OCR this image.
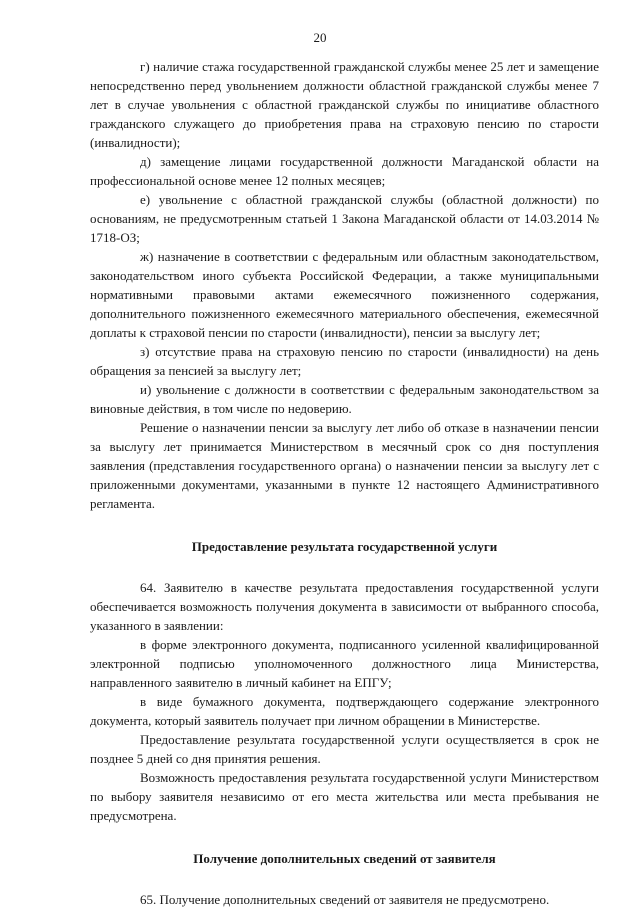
20

г) наличие стажа государственной гражданской службы менее 25 лет и замещение непосредственно перед увольнением должности областной гражданской службы менее 7 лет в случае увольнения с областной гражданской службы по инициативе областного гражданского служащего до приобретения права на страховую пенсию по старости (инвалидности);

д) замещение лицами государственной должности Магаданской области на профессиональной основе менее 12 полных месяцев;

е) увольнение с областной гражданской службы (областной должности) по основаниям, не предусмотренным статьей 1 Закона Магаданской области от 14.03.2014 № 1718-ОЗ;

ж) назначение в соответствии с федеральным или областным законодательством, законодательством иного субъекта Российской Федерации, а также муниципальными нормативными правовыми актами ежемесячного пожизненного содержания, дополнительного пожизненного ежемесячного материального обеспечения, ежемесячной доплаты к страховой пенсии по старости (инвалидности), пенсии за выслугу лет;

з) отсутствие права на страховую пенсию по старости (инвалидности) на день обращения за пенсией за выслугу лет;

и) увольнение с должности в соответствии с федеральным законодательством за виновные действия, в том числе по недоверию.

Решение о назначении пенсии за выслугу лет либо об отказе в назначении пенсии за выслугу лет принимается Министерством в месячный срок со дня поступления заявления (представления государственного органа) о назначении пенсии за выслугу лет с приложенными документами, указанными в пункте 12 настоящего Административного регламента.

Предоставление результата государственной услуги

64. Заявителю в качестве результата предоставления государственной услуги обеспечивается возможность получения документа в зависимости от выбранного способа, указанного в заявлении:

в форме электронного документа, подписанного усиленной квалифицированной электронной подписью уполномоченного должностного лица Министерства, направленного заявителю в личный кабинет на ЕПГУ;

в виде бумажного документа, подтверждающего содержание электронного документа, который заявитель получает при личном обращении в Министерстве.

Предоставление результата государственной услуги осуществляется в срок не позднее 5 дней со дня принятия решения.

Возможность предоставления результата государственной услуги Министерством по выбору заявителя независимо от его места жительства или места пребывания не предусмотрена.

Получение дополнительных сведений от заявителя

65. Получение дополнительных сведений от заявителя не предусмотрено.
